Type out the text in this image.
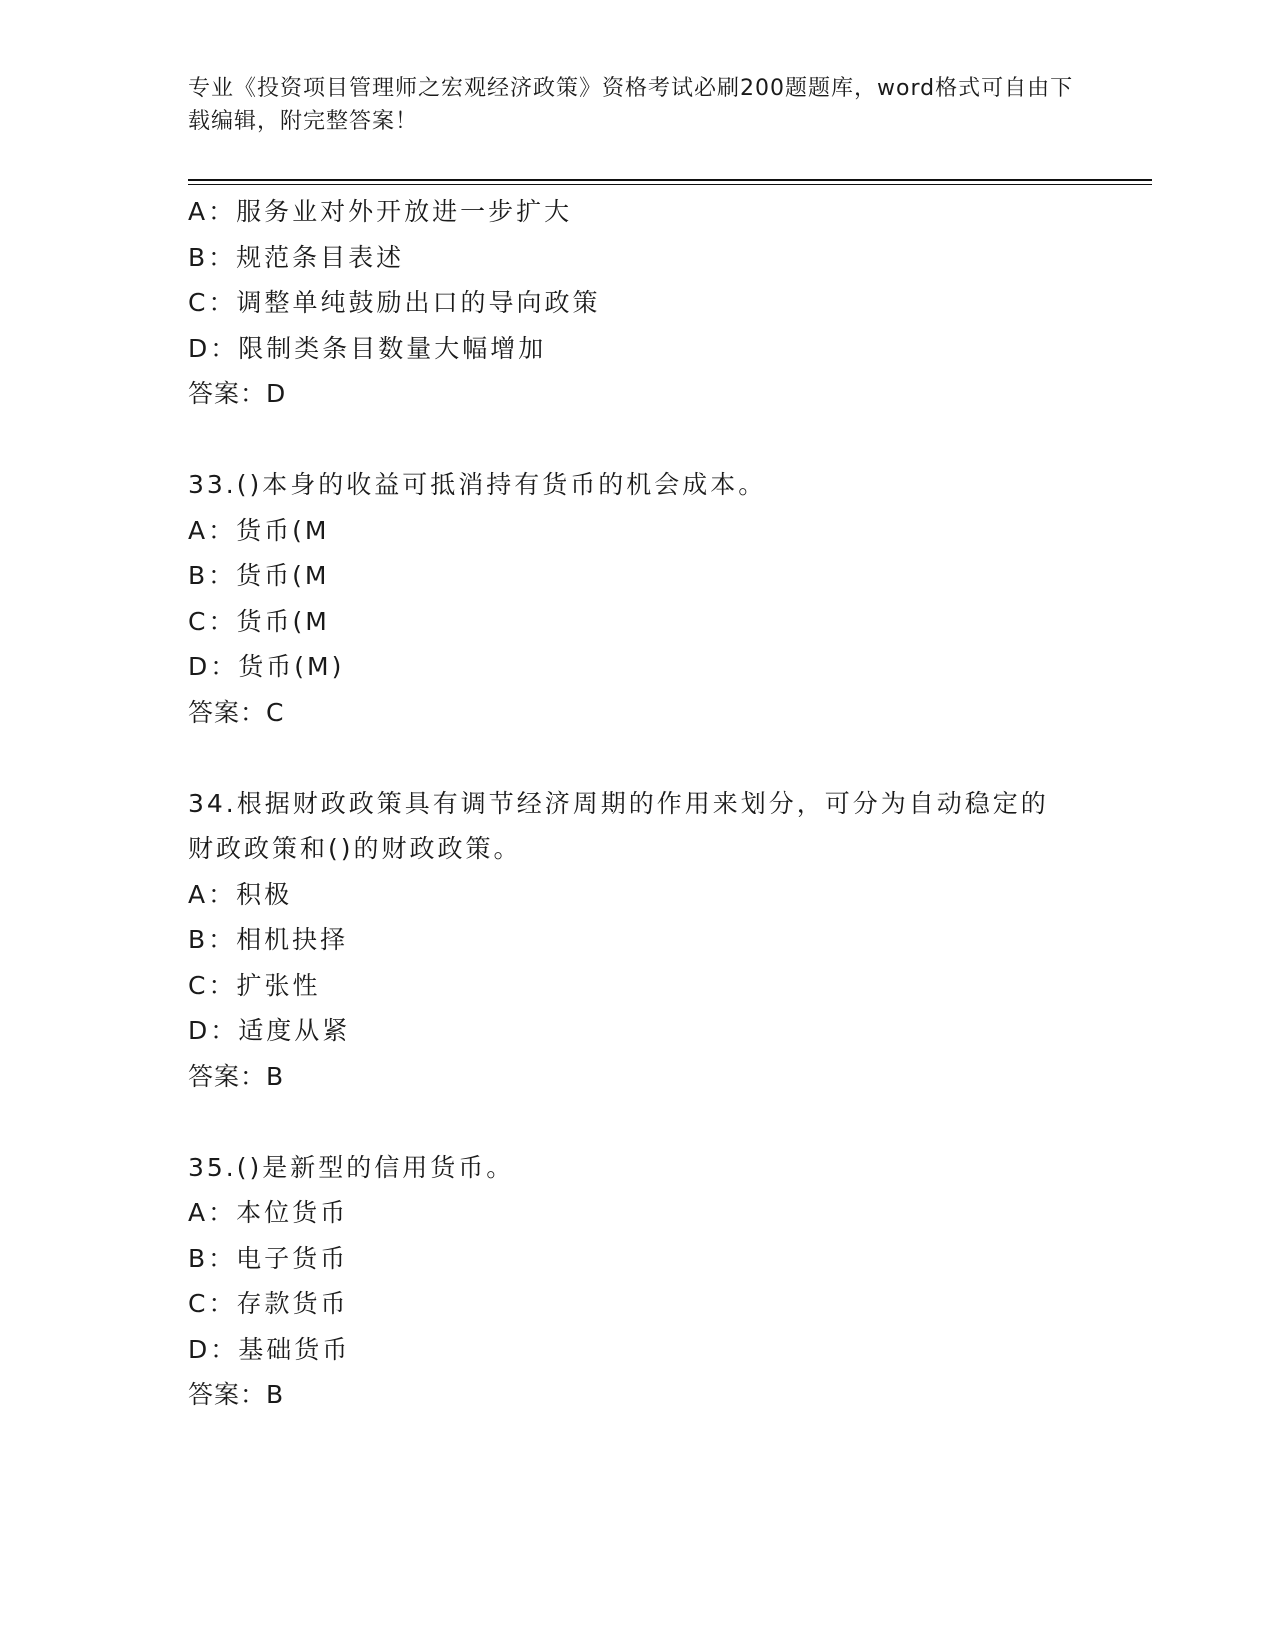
专业《投资项目管理师之宏观经济政策》资格考试必刷200题题库，word格式可自由下载编辑，附完整答案！
A：服务业对外开放进一步扩大
B：规范条目表述
C：调整单纯鼓励出口的导向政策
D：限制类条目数量大幅增加
答案：D
33.()本身的收益可抵消持有货币的机会成本。
A：货币(M
B：货币(M
C：货币(M
D：货币(M)
答案：C
34.根据财政政策具有调节经济周期的作用来划分，可分为自动稳定的
财政政策和()的财政政策。
A：积极
B：相机抉择
C：扩张性
D：适度从紧
答案：B
35.()是新型的信用货币。
A：本位货币
B：电子货币
C：存款货币
D：基础货币
答案：B
